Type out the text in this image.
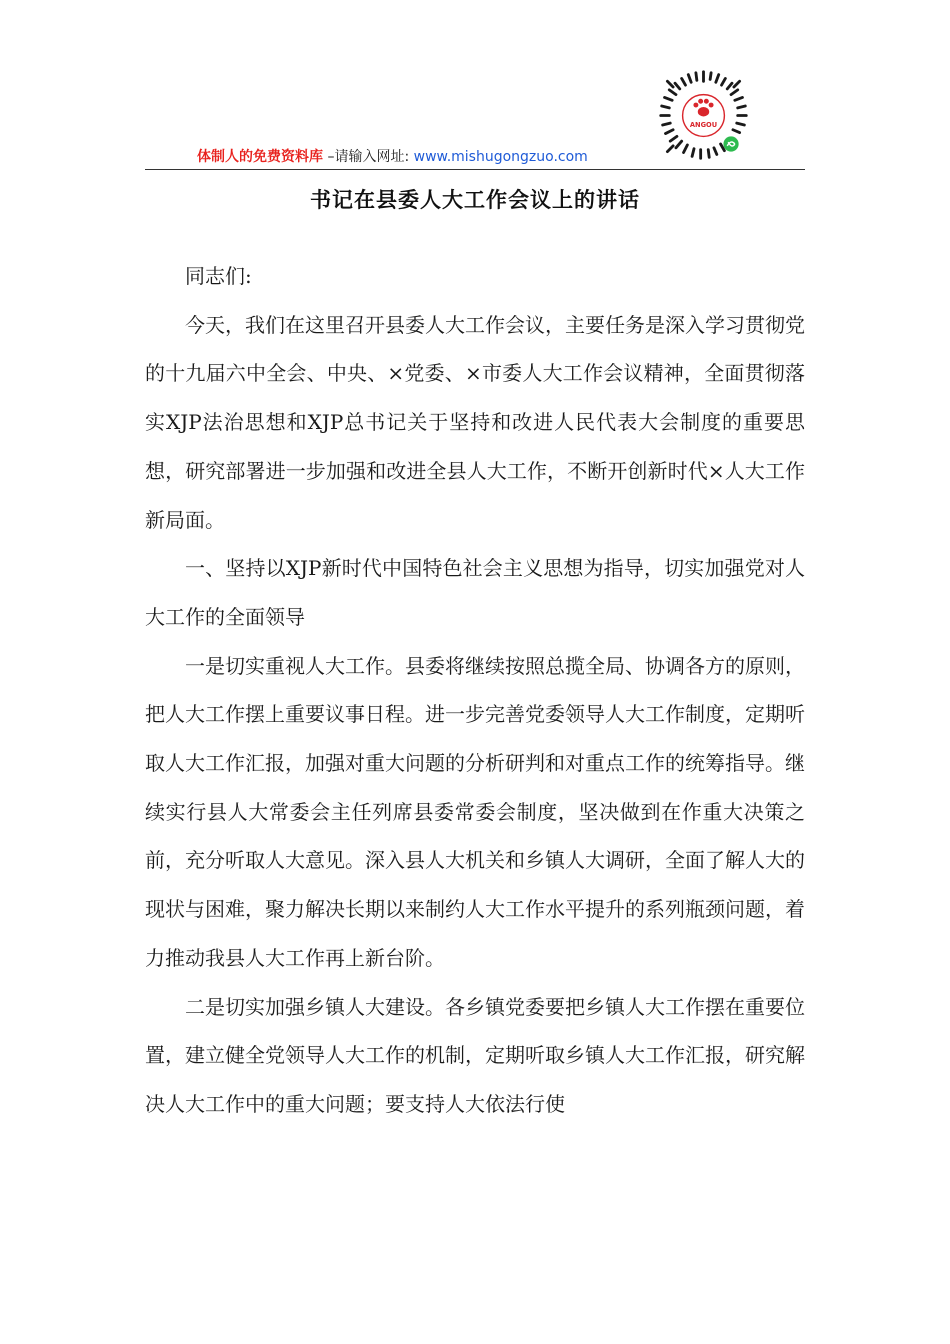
体制人的免费资料库 –请输入网址: www.mishugongzuo.com
ANGOU
书记在县委人大工作会议上的讲话

同志们:

今天，我们在这里召开县委人大工作会议，主要任务是深入学习贯彻党的十九届六中全会、中央、×党委、×市委人大工作会议精神，全面贯彻落实XJP法治思想和XJP总书记关于坚持和改进人民代表大会制度的重要思想，研究部署进一步加强和改进全县人大工作，不断开创新时代×人大工作新局面。

一、坚持以XJP新时代中国特色社会主义思想为指导，切实加强党对人大工作的全面领导

一是切实重视人大工作。县委将继续按照总揽全局、协调各方的原则，把人大工作摆上重要议事日程。进一步完善党委领导人大工作制度，定期听取人大工作汇报，加强对重大问题的分析研判和对重点工作的统筹指导。继续实行县人大常委会主任列席县委常委会制度，坚决做到在作重大决策之前，充分听取人大意见。深入县人大机关和乡镇人大调研，全面了解人大的现状与困难，聚力解决长期以来制约人大工作水平提升的系列瓶颈问题，着力推动我县人大工作再上新台阶。

二是切实加强乡镇人大建设。各乡镇党委要把乡镇人大工作摆在重要位置，建立健全党领导人大工作的机制，定期听取乡镇人大工作汇报，研究解决人大工作中的重大问题；要支持人大依法行使
